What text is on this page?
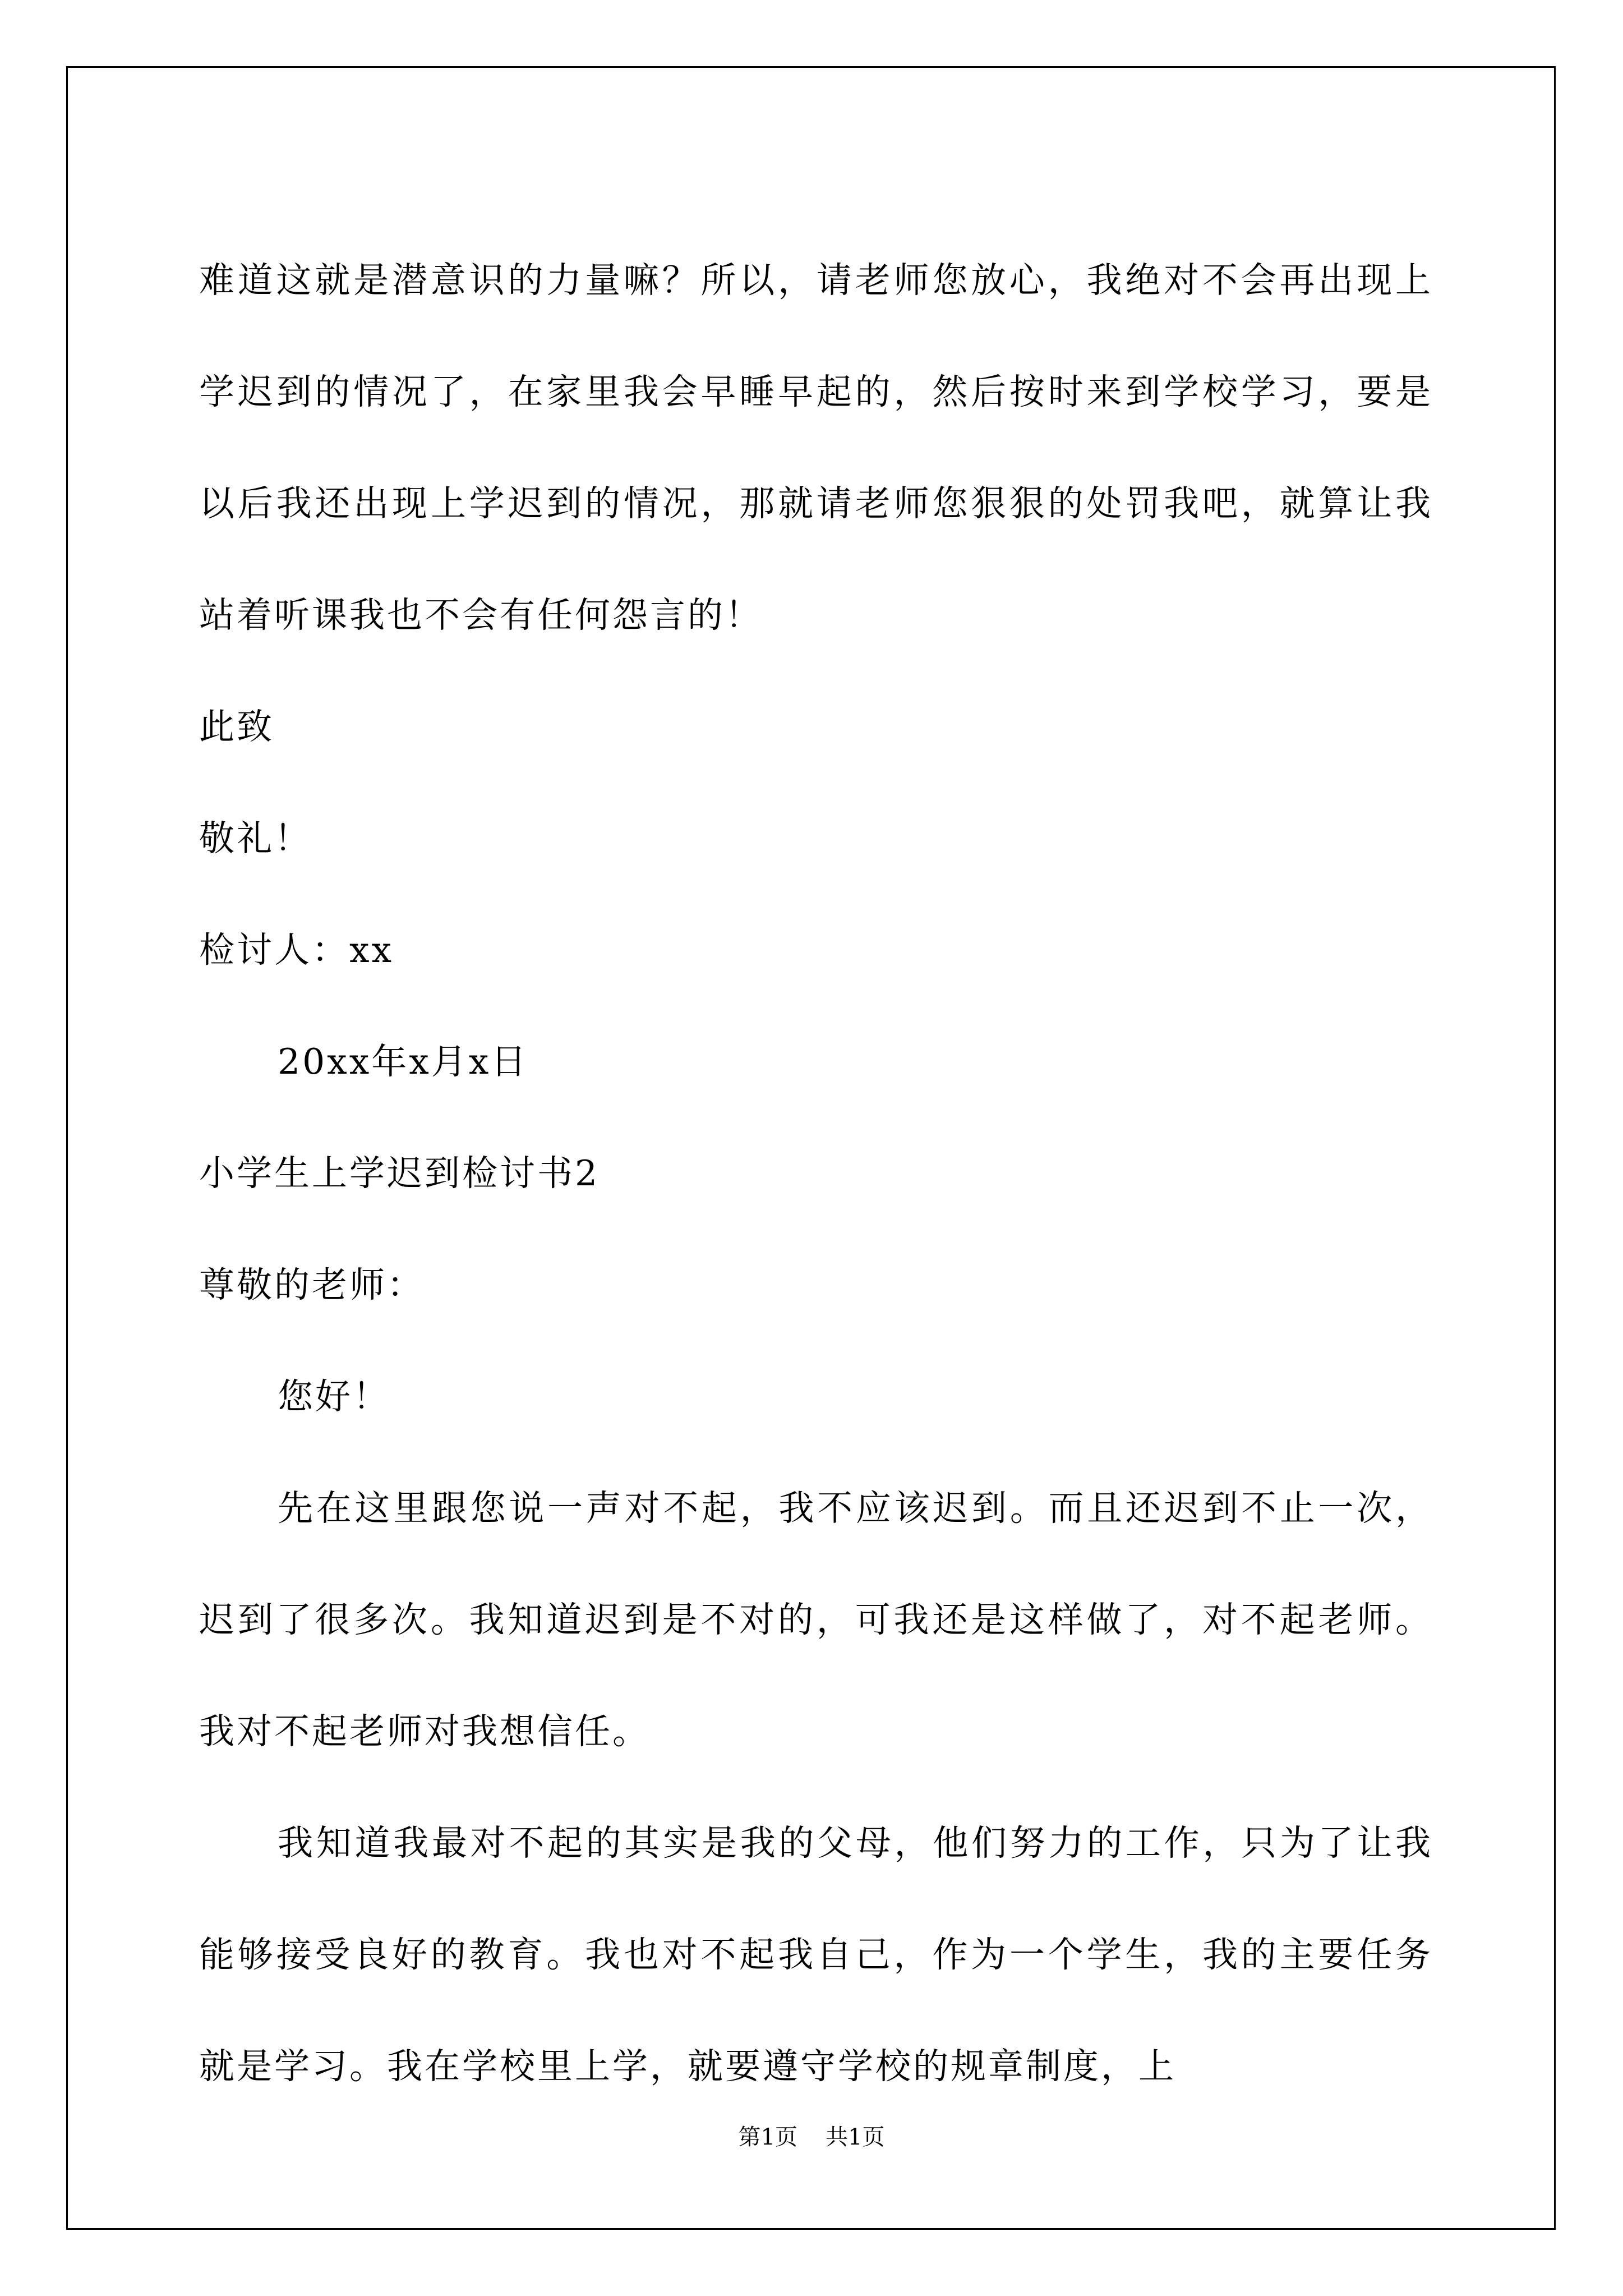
难道这就是潜意识的力量嘛？所以，请老师您放心，我绝对不会再出现上学迟到的情况了，在家里我会早睡早起的，然后按时来到学校学习，要是以后我还出现上学迟到的情况，那就请老师您狠狠的处罚我吧，就算让我站着听课我也不会有任何怨言的！

此致

敬礼！

检讨人：xx

20xx年x月x日

小学生上学迟到检讨书2

尊敬的老师：

您好！

先在这里跟您说一声对不起，我不应该迟到。而且还迟到不止一次，迟到了很多次。我知道迟到是不对的，可我还是这样做了，对不起老师。我对不起老师对我想信任。

我知道我最对不起的其实是我的父母，他们努力的工作，只为了让我能够接受良好的教育。我也对不起我自己，作为一个学生，我的主要任务就是学习。我在学校里上学，就要遵守学校的规章制度，上

第1页 共1页
